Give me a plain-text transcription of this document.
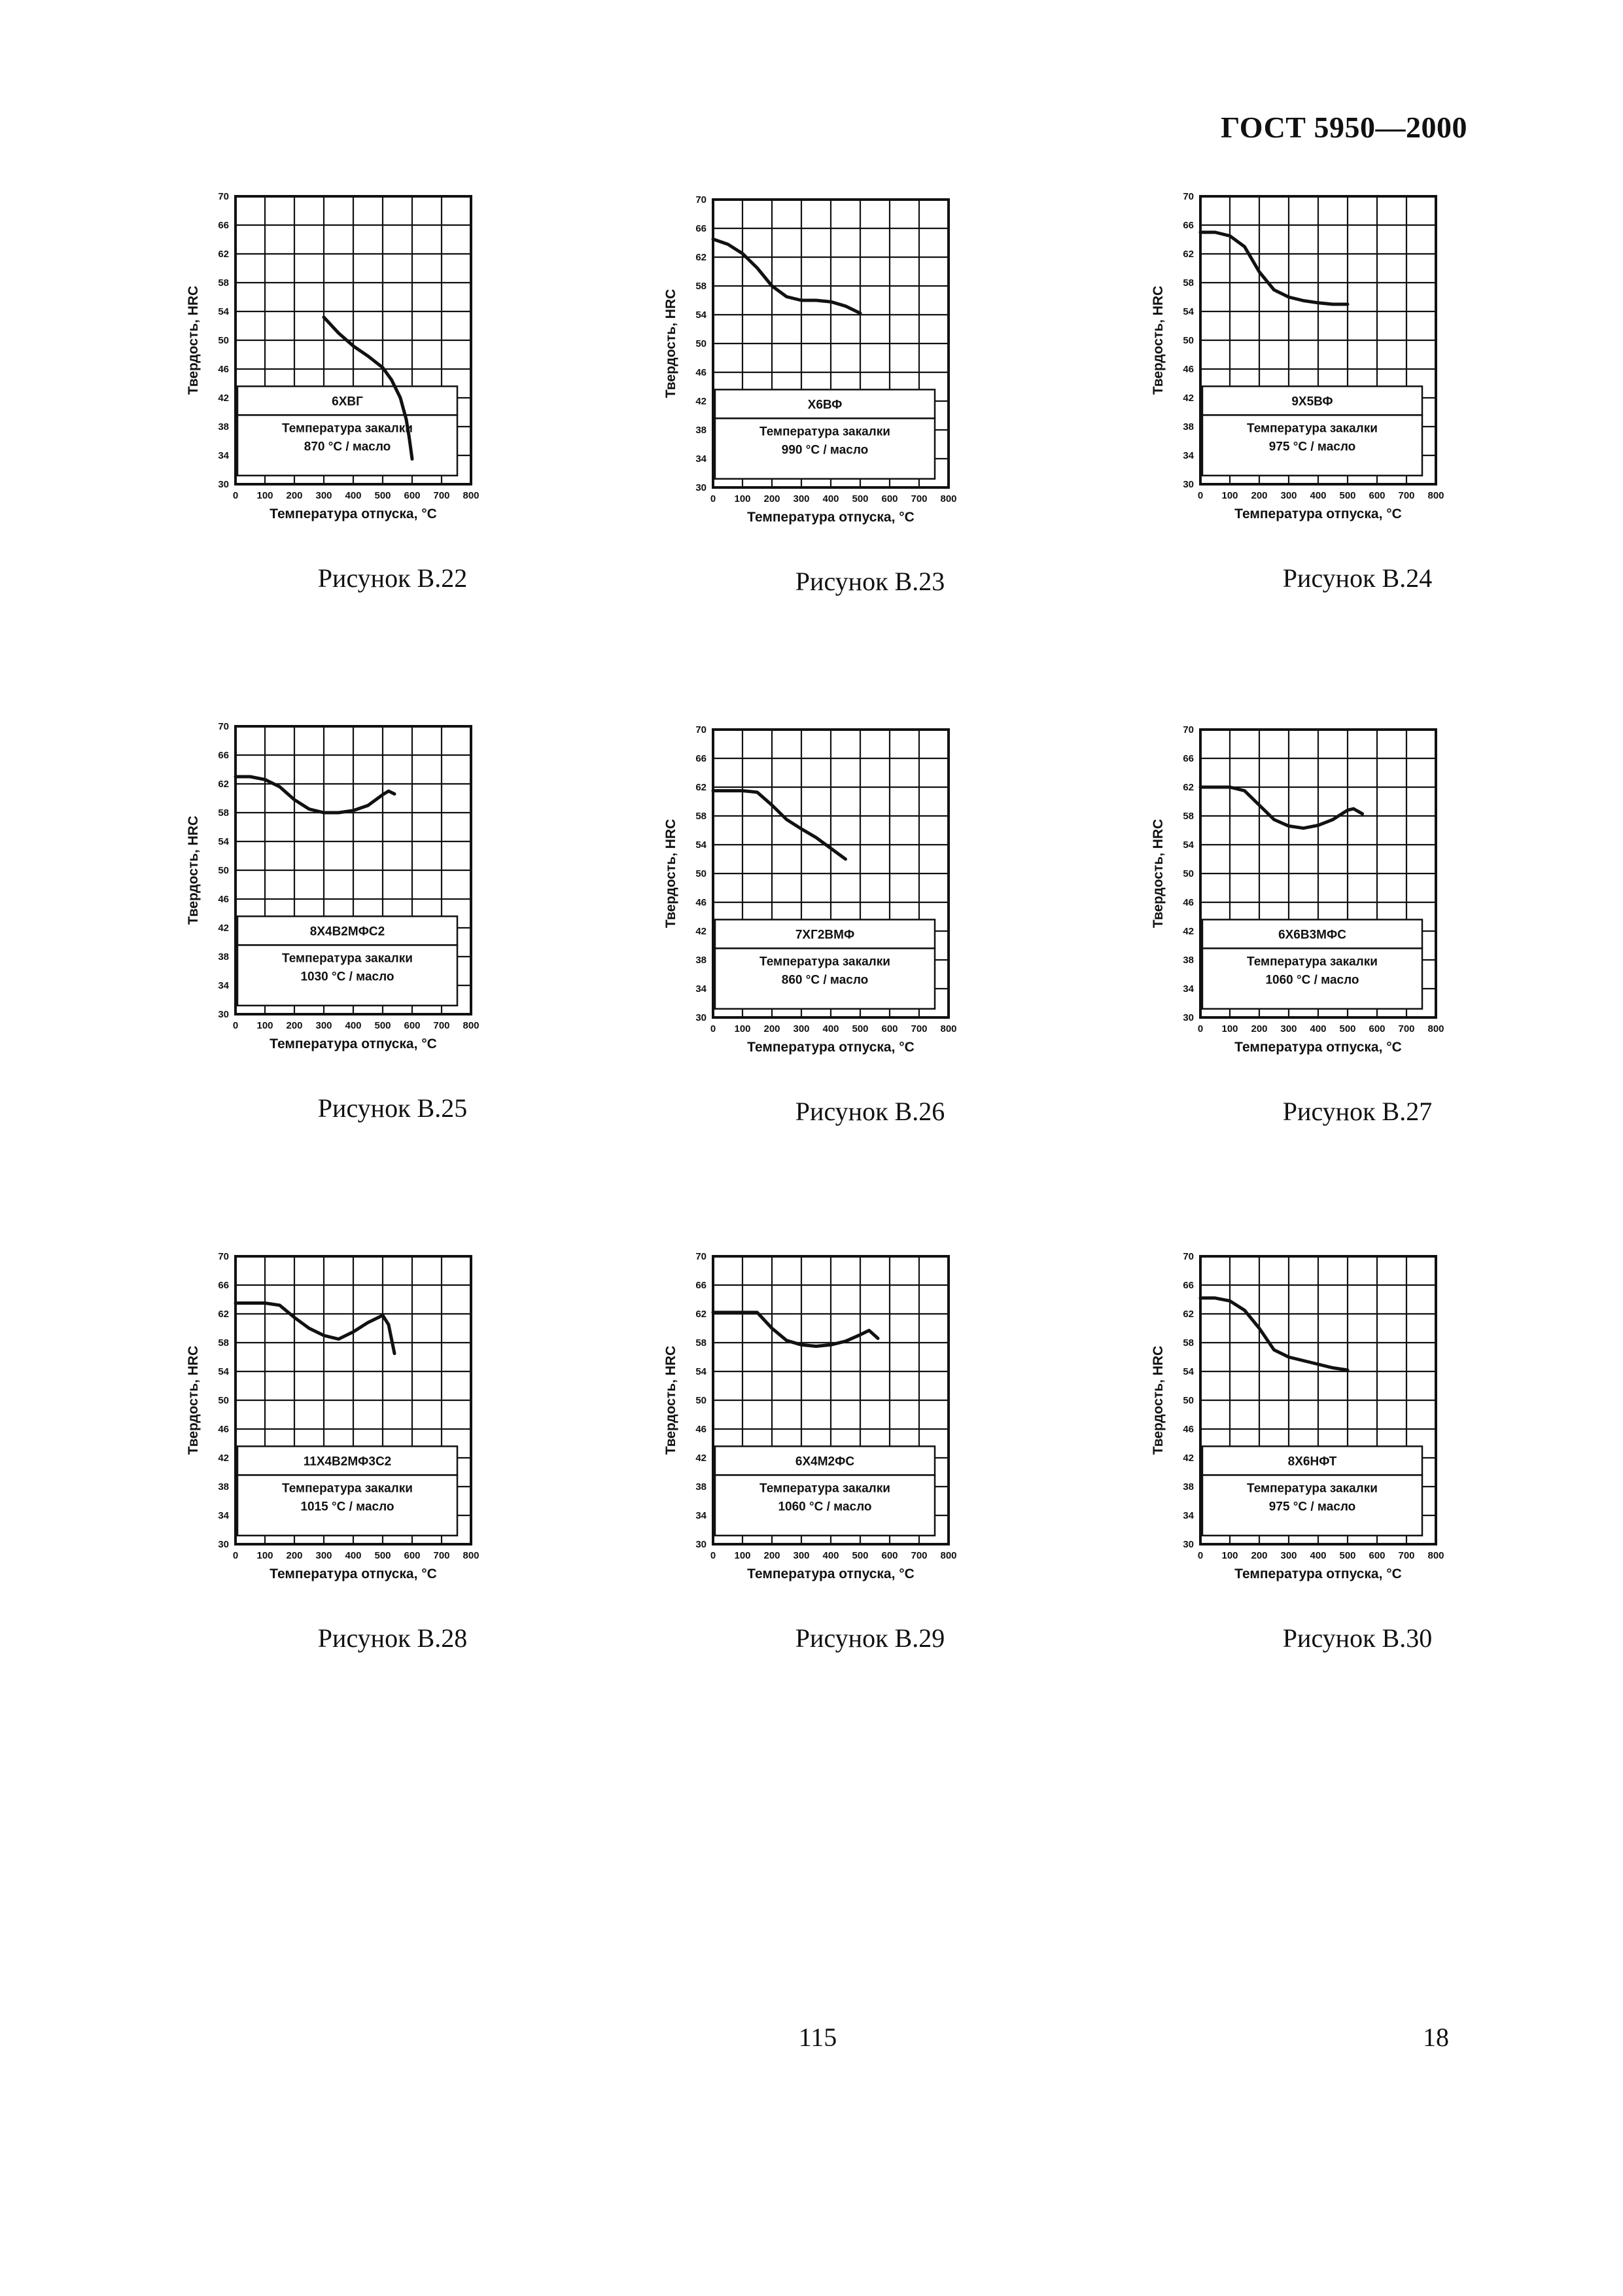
ГОСТ 5950—2000
6ХВГ
Температура закалки
870 °С / масло
30
34
38
42
46
50
54
58
62
66
70
0 100 200 300 400 500 600 700 800
Температура отпуска, °С
Твердость, HRC
Рисунок В.22
Х6ВФ
Температура закалки
990 °С / масло
30
34
38
42
46
50
54
58
62
66
70
0 100 200 300 400 500 600 700 800
Температура отпуска, °С
Твердость, HRC
Рисунок В.23
9Х5ВФ
Температура закалки
975 °С / масло
30
34
38
42
46
50
54
58
62
66
70
0 100 200 300 400 500 600 700 800
Температура отпуска, °С
Твердость, HRC
Рисунок В.24
8Х4В2МФС2
Температура закалки
1030 °С / масло
30
34
38
42
46
50
54
58
62
66
70
0 100 200 300 400 500 600 700 800
Температура отпуска, °С
Твердость, HRC
Рисунок В.25
7ХГ2ВМФ
Температура закалки
860 °С / масло
30
34
38
42
46
50
54
58
62
66
70
0 100 200 300 400 500 600 700 800
Температура отпуска, °С
Твердость, HRC
Рисунок В.26
6Х6В3МФС
Температура закалки
1060 °С / масло
30
34
38
42
46
50
54
58
62
66
70
0 100 200 300 400 500 600 700 800
Температура отпуска, °С
Твердость, HRC
Рисунок В.27
11Х4В2МФ3С2
Температура закалки
1015 °С / масло
30
34
38
42
46
50
54
58
62
66
70
0 100 200 300 400 500 600 700 800
Температура отпуска, °С
Твердость, HRC
Рисунок В.28
6Х4М2ФС
Температура закалки
1060 °С / масло
30
34
38
42
46
50
54
58
62
66
70
0 100 200 300 400 500 600 700 800
Температура отпуска, °С
Твердость, HRC
Рисунок В.29
8Х6НФТ
Температура закалки
975 °С / масло
30
34
38
42
46
50
54
58
62
66
70
0 100 200 300 400 500 600 700 800
Температура отпуска, °С
Твердость, HRC
Рисунок В.30
115	18
